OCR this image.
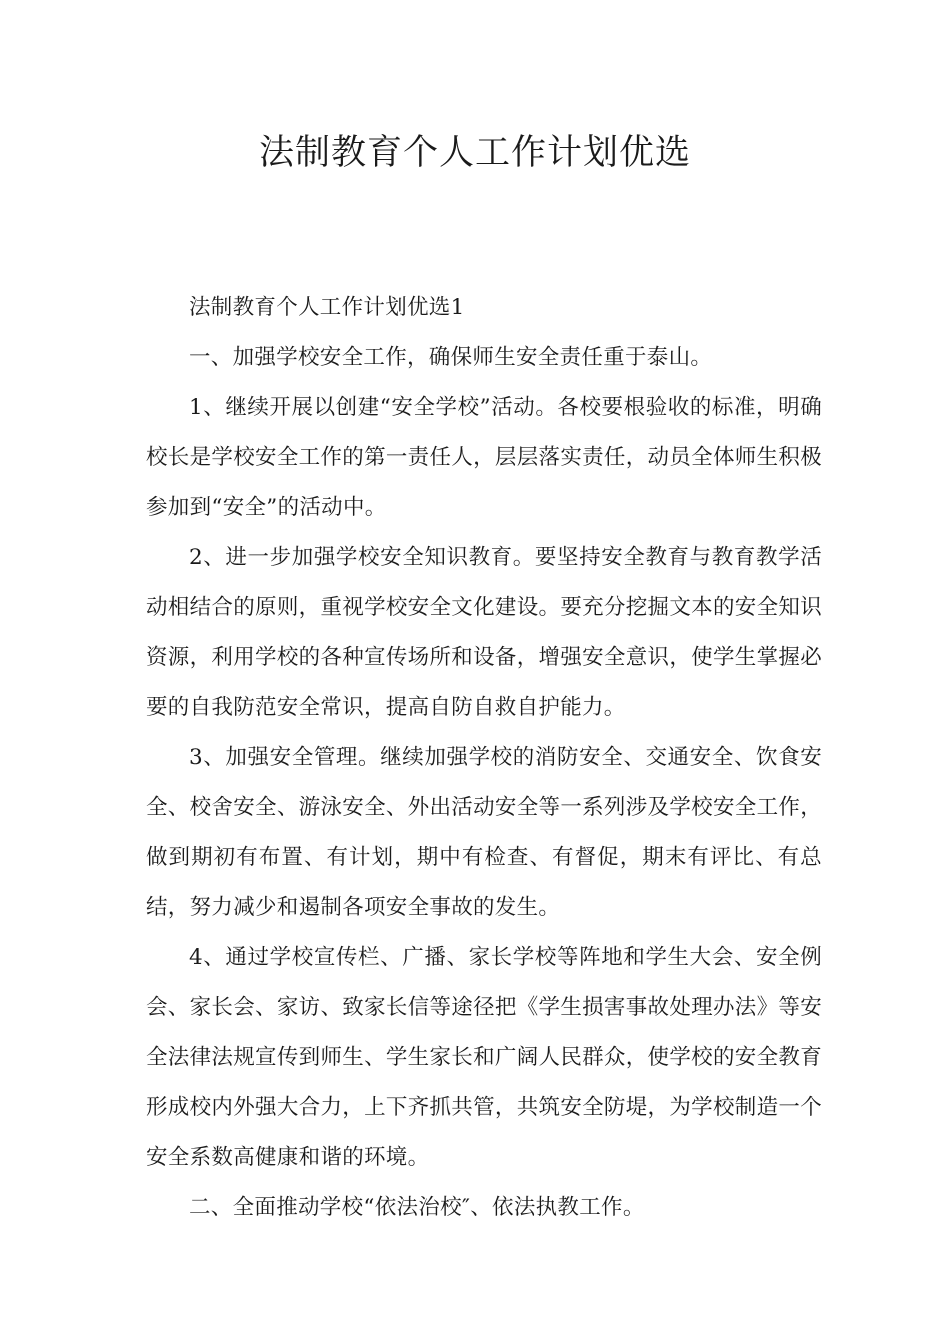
法制教育个人工作计划优选

法制教育个人工作计划优选1

一、加强学校安全工作，确保师生安全责任重于泰山。

1、继续开展以创建“安全学校”活动。各校要根验收的标准，明确校长是学校安全工作的第一责任人，层层落实责任，动员全体师生积极参加到“安全”的活动中。

2、进一步加强学校安全知识教育。要坚持安全教育与教育教学活动相结合的原则，重视学校安全文化建设。要充分挖掘文本的安全知识资源，利用学校的各种宣传场所和设备，增强安全意识，使学生掌握必要的自我防范安全常识，提高自防自救自护能力。

3、加强安全管理。继续加强学校的消防安全、交通安全、饮食安全、校舍安全、游泳安全、外出活动安全等一系列涉及学校安全工作，做到期初有布置、有计划，期中有检查、有督促，期末有评比、有总结，努力减少和遏制各项安全事故的发生。

4、通过学校宣传栏、广播、家长学校等阵地和学生大会、安全例会、家长会、家访、致家长信等途径把《学生损害事故处理办法》等安全法律法规宣传到师生、学生家长和广阔人民群众，使学校的安全教育形成校内外强大合力，上下齐抓共管，共筑安全防堤，为学校制造一个安全系数高健康和谐的环境。

二、全面推动学校“依法治校″、依法执教工作。
